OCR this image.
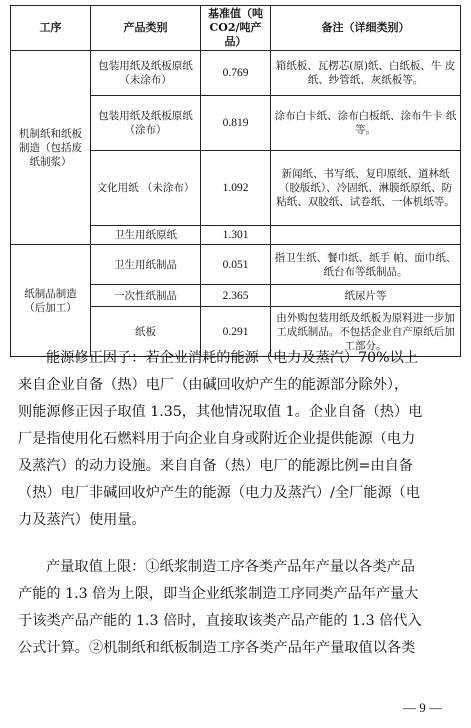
工序	产品类别	基准值（吨CO2/吨产品）	备注（详细类别）
机制纸和纸板制造（包括废纸制浆）	包装用纸及纸板原纸（未涂布）	0.769	箱纸板、瓦楞芯(原)纸、白纸板、牛 皮纸、纱管纸、灰纸板等。
	包装用纸及纸板原纸（涂布）	0.819	涂布白卡纸、涂布白板纸、涂布牛卡 纸等。
	文化用纸 （未涂布）	1.092	新闻纸、书写纸、复印原纸、道林纸（胶版纸）、冷固纸、淋膜纸原纸、防粘纸、双胶纸、试卷纸、一体机纸等。
	卫生用纸原纸	1.301	
纸制品制造（后加工）	卫生用纸制品	0.051	指卫生纸、餐巾纸、纸手 帕、面巾纸、纸台布等纸制品。
	一次性纸制品	2.365	纸尿片等
	纸板	0.291	由外购包装用纸及纸板为原料进一步加工成纸制品。不包括企业自产原纸后加工部分。
能源修正因子：若企业消耗的能源（电力及蒸汽）70%以上
来自企业自备（热）电厂（由碱回收炉产生的能源部分除外），
则能源修正因子取值 1.35，其他情况取值 1。企业自备（热）电
厂是指使用化石燃料用于向企业自身或附近企业提供能源（电力
及蒸汽）的动力设施。来自自备（热）电厂的能源比例=由自备
（热）电厂非碱回收炉产生的能源（电力及蒸汽）/全厂能源（电
力及蒸汽）使用量。
产量取值上限：①纸浆制造工序各类产品年产量以各类产品
产能的 1.3 倍为上限，即当企业纸浆制造工序同类产品年产量大
于该类产品产能的 1.3 倍时，直接取该类产品产能的 1.3 倍代入
公式计算。②机制纸和纸板制造工序各类产品年产量取值以各类
— 9 —
